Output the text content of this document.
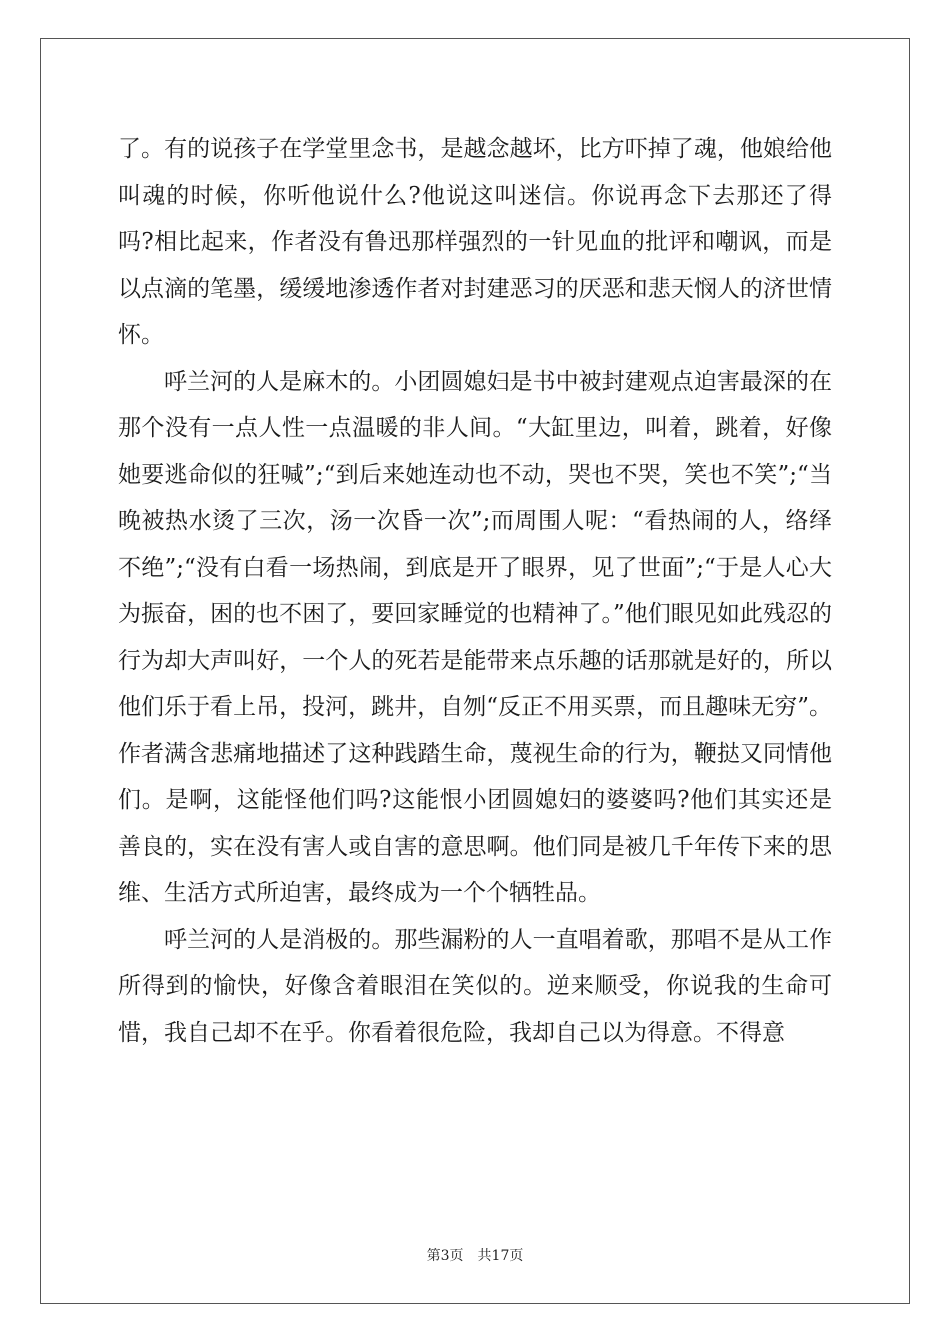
了。有的说孩子在学堂里念书，是越念越坏，比方吓掉了魂，他娘给他叫魂的时候，你听他说什么?他说这叫迷信。你说再念下去那还了得吗?相比起来，作者没有鲁迅那样强烈的一针见血的批评和嘲讽，而是以点滴的笔墨，缓缓地渗透作者对封建恶习的厌恶和悲天悯人的济世情怀。

呼兰河的人是麻木的。小团圆媳妇是书中被封建观点迫害最深的在那个没有一点人性一点温暖的非人间。“大缸里边，叫着，跳着，好像她要逃命似的狂喊”;“到后来她连动也不动，哭也不哭，笑也不笑”;“当晚被热水烫了三次，汤一次昏一次”;而周围人呢：“看热闹的人，络绎不绝”;“没有白看一场热闹，到底是开了眼界，见了世面”;“于是人心大为振奋，困的也不困了，要回家睡觉的也精神了。”他们眼见如此残忍的行为却大声叫好，一个人的死若是能带来点乐趣的话那就是好的，所以他们乐于看上吊，投河，跳井，自刎“反正不用买票，而且趣味无穷”。作者满含悲痛地描述了这种践踏生命，蔑视生命的行为，鞭挞又同情他们。是啊，这能怪他们吗?这能恨小团圆媳妇的婆婆吗?他们其实还是善良的，实在没有害人或自害的意思啊。他们同是被几千年传下来的思维、生活方式所迫害，最终成为一个个牺牲品。

呼兰河的人是消极的。那些漏粉的人一直唱着歌，那唱不是从工作所得到的愉快，好像含着眼泪在笑似的。逆来顺受，你说我的生命可惜，我自己却不在乎。你看着很危险，我却自己以为得意。不得意

第3页 共17页
